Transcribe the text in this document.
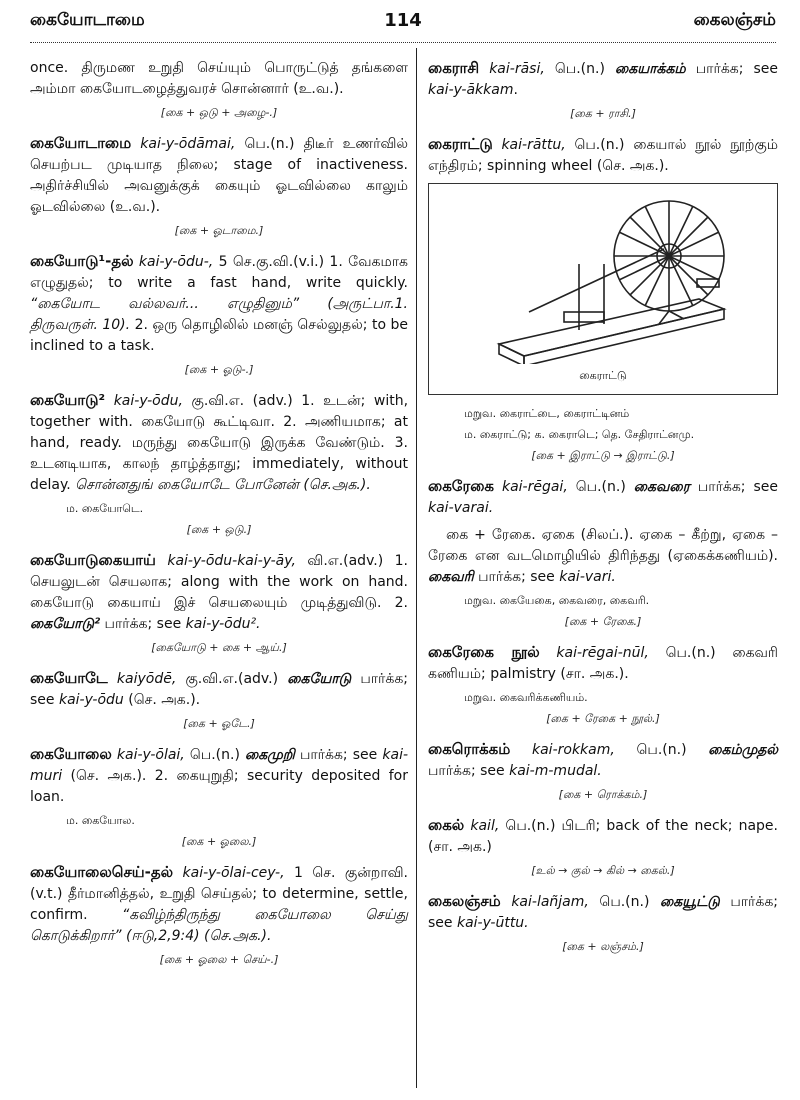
கையோடாமை	114	கைலஞ்சம்
once. திருமண உறுதி செய்யும் பொருட்டுத் தங்களை அம்மா கையோடழைத்துவரச் சொன்னார் (உ.வ.).
[கை + ஒடு + அழை-.]
கையோடாமை kai-y-ōdāmai, பெ.(n.) திடீர் உணர்வில் செயற்பட முடியாத நிலை; stage of inactiveness. அதிர்ச்சியில் அவனுக்குக் கையும் ஓடவில்லை காலும் ஓடவில்லை (உ.வ.).
[கை + ஓடாமை.]
கையோடு¹-தல் kai-y-ōdu-, 5 செ.கு.வி.(v.i.) 1. வேகமாக எழுதுதல்; to write a fast hand, write quickly. “கையோட வல்லவர்... எழுதினும்” (அருட்பா.1. திருவருள். 10). 2. ஒரு தொழிலில் மனஞ் செல்லுதல்; to be inclined to a task.
[கை + ஓடு-.]
கையோடு² kai-y-ōdu, கு.வி.எ. (adv.) 1. உடன்; with, together with. கையோடு கூட்டிவா. 2. அணியமாக; at hand, ready. மருந்து கையோடு இருக்க வேண்டும். 3. உடனடியாக, காலந் தாழ்த்தாது; immediately, without delay. சொன்னதுங் கையோடே போனேன் (செ.அக.).
ம. கையோடெ.
[கை + ஒடு.]
கையோடுகையாய் kai-y-ōdu-kai-y-āy, வி.எ.(adv.) 1. செயலுடன் செயலாக; along with the work on hand. கையோடு கையாய் இச் செயலையும் முடித்துவிடு. 2. கையோடு² பார்க்க; see kai-y-ōdu².
[கையோடு + கை + ஆய்.]
கையோடே kaiyōdē, கு.வி.எ.(adv.) கையோடு பார்க்க; see kai-y-ōdu (செ. அக.).
[கை + ஓடே.]
கையோலை kai-y-ōlai, பெ.(n.) கைமுறி பார்க்க; see kai-muri (செ. அக.). 2. கையுறுதி; security deposited for loan.
ம. கையோல.
[கை + ஓலை.]
கையோலைசெய்-தல் kai-y-ōlai-cey-, 1 செ. குன்றாவி.(v.t.) தீர்மானித்தல், உறுதி செய்தல்; to determine, settle, confirm. “கவிழ்ந்திருந்து கையோலை செய்து கொடுக்கிறார்” (ஈடு,2,9:4) (செ.அக.).
[கை + ஓலை + செய்-.]
கைராசி kai-rāsi, பெ.(n.) கையாக்கம் பார்க்க; see kai-y-ākkam.
[கை + ராசி.]
கைராட்டு kai-rāttu, பெ.(n.) கையால் நூல் நூற்கும் எந்திரம்; spinning wheel (செ. அக.).
கைராட்டு
மறுவ. கைராட்டை, கைராட்டினம்
ம. கைராட்டு; க. கைராடெ; தெ. சேதிராட்னமு.
[கை + இராட்டு → இராட்டு.]
கைரேகை kai-rēgai, பெ.(n.) கைவரை பார்க்க; see kai-varai.
கை + ரேகை. ஏகை (சிலப்.). ஏகை – கீற்று, ஏகை – ரேகை என வடமொழியில் திரிந்தது (ஏகைக்கணியம்). கைவரி பார்க்க; see kai-vari.
மறுவ. கையேகை, கைவரை, கைவரி.
[கை + ரேகை.]
கைரேகை நூல் kai-rēgai-nūl, பெ.(n.) கைவரி கணியம்; palmistry (சா. அக.).
மறுவ. கைவரிக்கணியம்.
[கை + ரேகை + நூல்.]
கைரொக்கம் kai-rokkam, பெ.(n.) கைம்முதல் பார்க்க; see kai-m-mudal.
[கை + ரொக்கம்.]
கைல் kail, பெ.(n.) பிடரி; back of the neck; nape. (சா. அக.)
[உல் → குல் → கில் → கைல்.]
கைலஞ்சம் kai-lañjam, பெ.(n.) கையூட்டு பார்க்க; see kai-y-ūttu.
[கை + லஞ்சம்.]
